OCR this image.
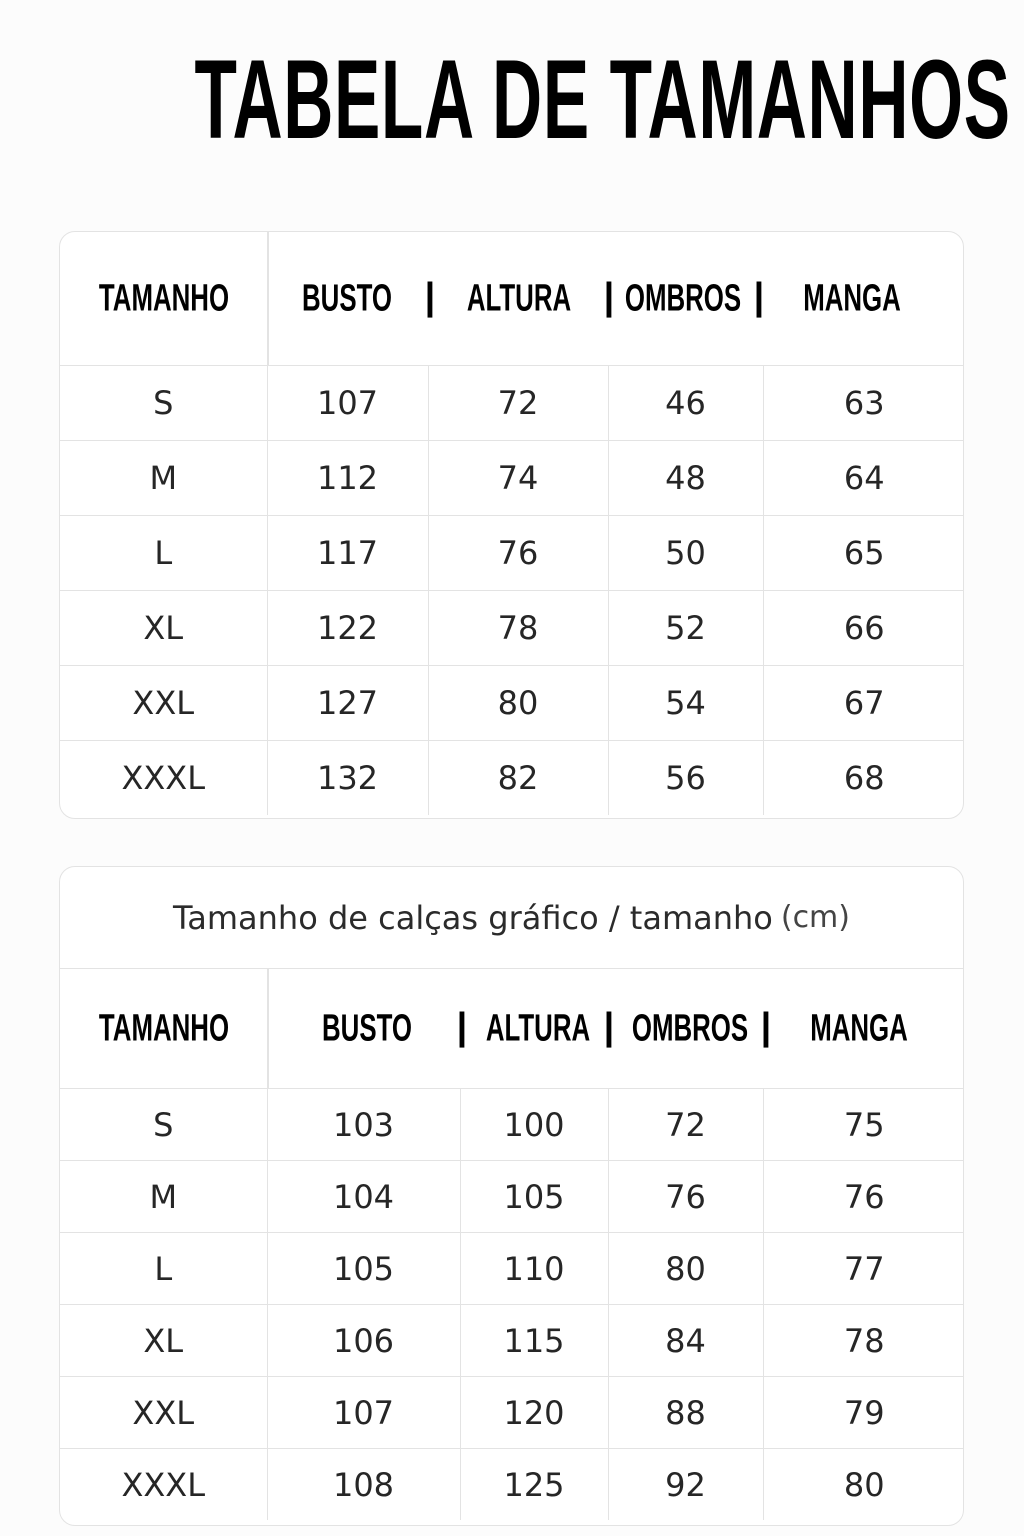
TABELA DE TAMANHOS
TAMANHO BUSTO | ALTURA | OMBROS | MANGA
S	107	72	46	63
M	112	74	48	64
L	117	76	50	65
XL	122	78	52	66
XXL	127	80	54	67
XXXL	132	82	56	68
Tamanho de calças gráfico / tamanho (cm)
TAMANHO BUSTO | ALTURA | OMBROS | MANGA
S	103	100	72	75
M	104	105	76	76
L	105	110	80	77
XL	106	115	84	78
XXL	107	120	88	79
XXXL	108	125	92	80
